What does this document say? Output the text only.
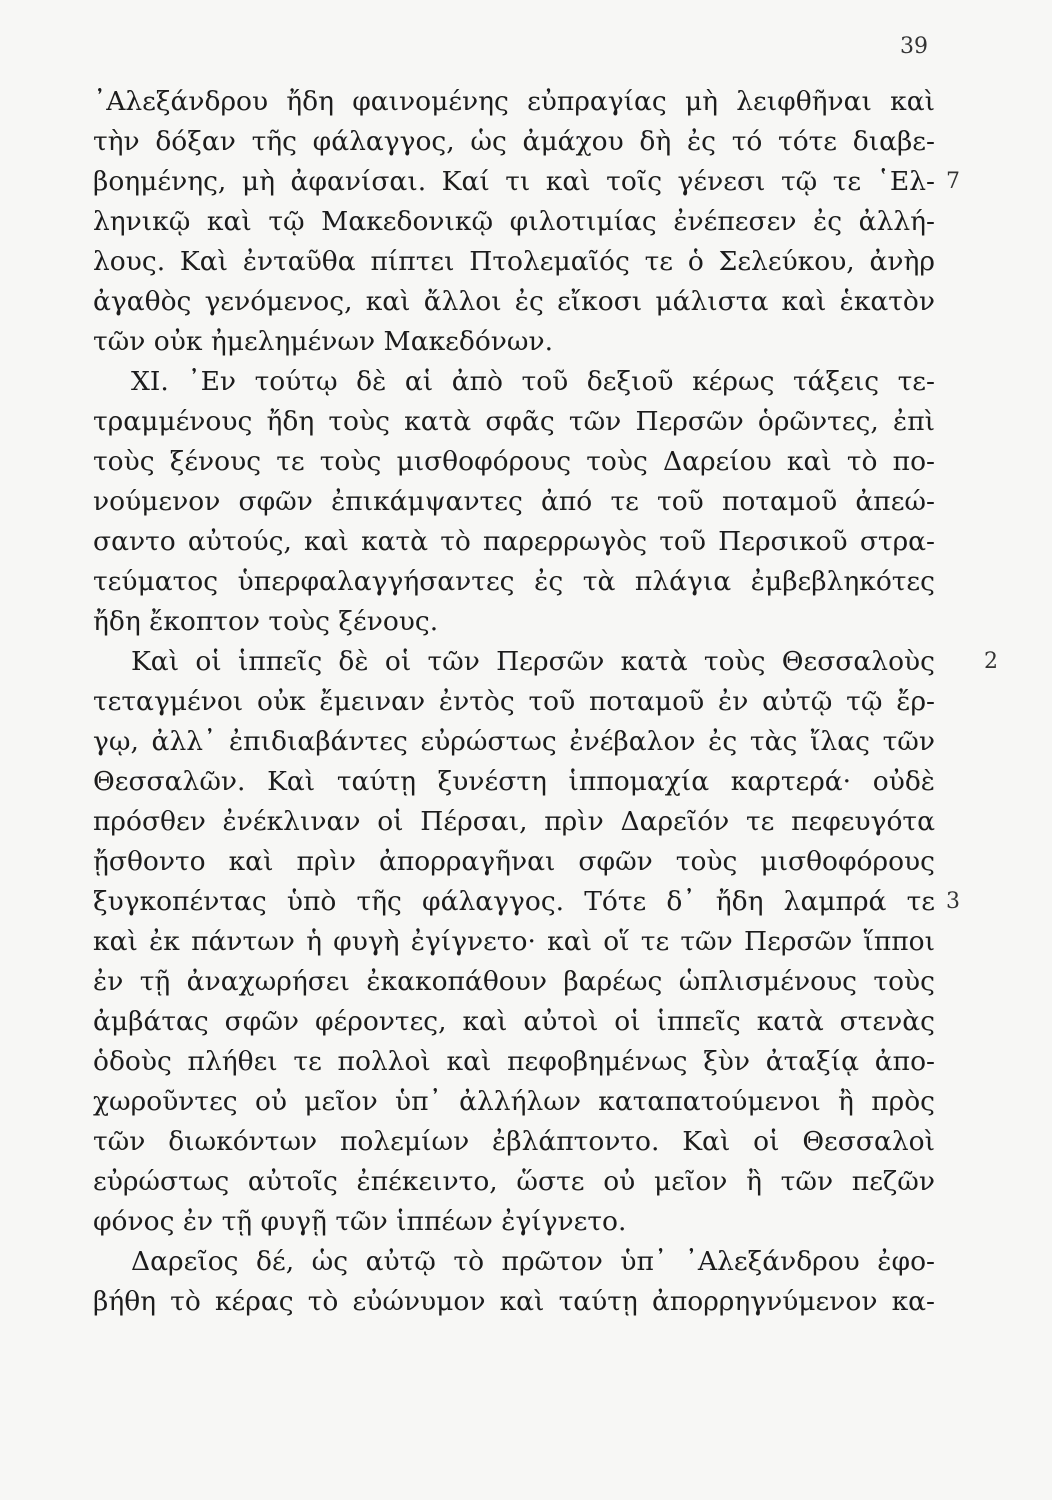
39
᾿Αλεξάνδρου ἤδη φαινομένης εὐπραγίας μὴ λειφθῆναι καὶ
τὴν δόξαν τῆς φάλαγγος, ὡς ἀμάχου δὴ ἐς τό τότε διαβε-
βοημένης, μὴ ἀφανίσαι. Καί τι καὶ τοῖς γένεσι τῷ τε ῾Ελ- 7
ληνικῷ καὶ τῷ Μακεδονικῷ φιλοτιμίας ἐνέπεσεν ἐς ἀλλή-
λους. Καὶ ἐνταῦθα πίπτει Πτολεμαῖός τε ὁ Σελεύκου, ἀνὴρ
ἀγαθὸς γενόμενος, καὶ ἄλλοι ἐς εἴκοσι μάλιστα καὶ ἑκατὸν
τῶν οὐκ ἠμελημένων Μακεδόνων.
XI. ᾿Εν τούτῳ δὲ αἱ ἀπὸ τοῦ δεξιοῦ κέρως τάξεις τε-
τραμμένους ἤδη τοὺς κατὰ σφᾶς τῶν Περσῶν ὁρῶντες, ἐπὶ
τοὺς ξένους τε τοὺς μισθοφόρους τοὺς Δαρείου καὶ τὸ πο-
νούμενον σφῶν ἐπικάμψαντες ἀπό τε τοῦ ποταμοῦ ἀπεώ-
σαντο αὐτούς, καὶ κατὰ τὸ παρερρωγὸς τοῦ Περσικοῦ στρα-
τεύματος ὑπερφαλαγγήσαντες ἐς τὰ πλάγια ἐμβεβληκότες
ἤδη ἔκοπτον τοὺς ξένους.
Καὶ οἱ ἱππεῖς δὲ οἱ τῶν Περσῶν κατὰ τοὺς Θεσσαλοὺς 2
τεταγμένοι οὐκ ἔμειναν ἐντὸς τοῦ ποταμοῦ ἐν αὐτῷ τῷ ἔρ-
γῳ, ἀλλ᾿ ἐπιδιαβάντες εὐρώστως ἐνέβαλον ἐς τὰς ἴλας τῶν
Θεσσαλῶν. Καὶ ταύτῃ ξυνέστη ἱππομαχία καρτερά· οὐδὲ
πρόσθεν ἐνέκλιναν οἱ Πέρσαι, πρὶν Δαρεῖόν τε πεφευγότα
ᾔσθοντο καὶ πρὶν ἀπορραγῆναι σφῶν τοὺς μισθοφόρους
ξυγκοπέντας ὑπὸ τῆς φάλαγγος. Τότε δ᾿ ἤδη λαμπρά τε 3
καὶ ἐκ πάντων ἡ φυγὴ ἐγίγνετο· καὶ οἵ τε τῶν Περσῶν ἵπποι
ἐν τῇ ἀναχωρήσει ἐκακοπάθουν βαρέως ὡπλισμένους τοὺς
ἀμβάτας σφῶν φέροντες, καὶ αὐτοὶ οἱ ἱππεῖς κατὰ στενὰς
ὁδοὺς πλήθει τε πολλοὶ καὶ πεφοβημένως ξὺν ἀταξίᾳ ἀπο-
χωροῦντες οὐ μεῖον ὑπ᾿ ἀλλήλων καταπατούμενοι ἢ πρὸς
τῶν διωκόντων πολεμίων ἐβλάπτοντο. Καὶ οἱ Θεσσαλοὶ
εὐρώστως αὐτοῖς ἐπέκειντο, ὥστε οὐ μεῖον ἢ τῶν πεζῶν
φόνος ἐν τῇ φυγῇ τῶν ἱππέων ἐγίγνετο.
Δαρεῖος δέ, ὡς αὐτῷ τὸ πρῶτον ὑπ᾿ ᾿Αλεξάνδρου ἐφο-
βήθη τὸ κέρας τὸ εὐώνυμον καὶ ταύτῃ ἀπορρηγνύμενον κα-
